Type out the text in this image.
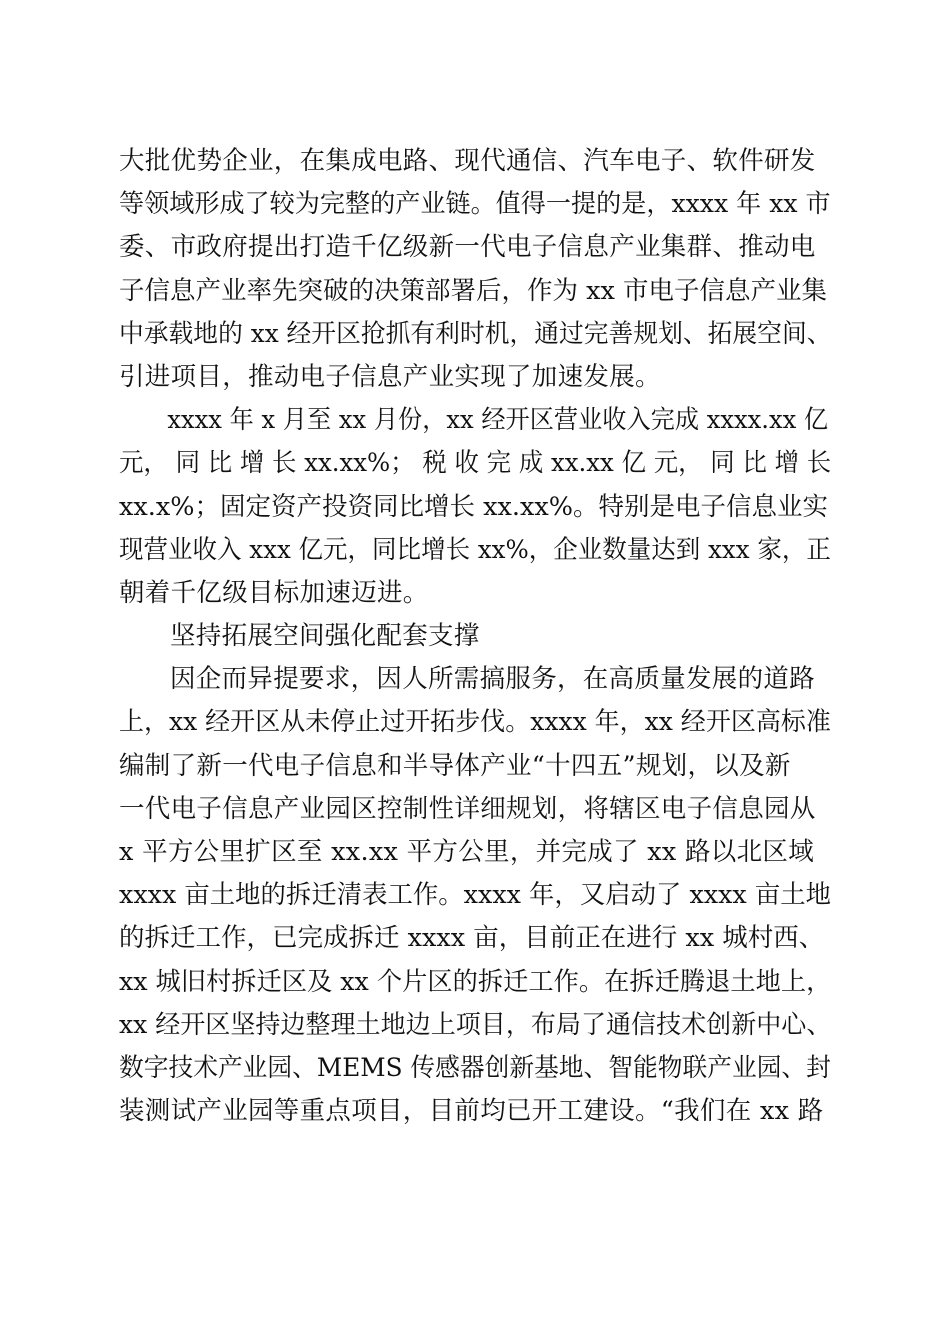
大批优势企业，在集成电路、现代通信、汽车电子、软件研发
等领域形成了较为完整的产业链。值得一提的是，xxxx 年 xx 市
委、市政府提出打造千亿级新一代电子信息产业集群、推动电
子信息产业率先突破的决策部署后，作为 xx 市电子信息产业集
中承载地的 xx 经开区抢抓有利时机，通过完善规划、拓展空间、
引进项目，推动电子信息产业实现了加速发展。
xxxx 年 x 月至 xx 月份，xx 经开区营业收入完成 xxxx.xx 亿
元， 同 比 增 长 xx.xx%； 税 收 完 成 xx.xx 亿 元， 同 比 增 长
xx.x%；固定资产投资同比增长 xx.xx%。特别是电子信息业实
现营业收入 xxx 亿元，同比增长 xx%，企业数量达到 xxx 家，正
朝着千亿级目标加速迈进。
坚持拓展空间强化配套支撑
因企而异提要求，因人所需搞服务，在高质量发展的道路
上，xx 经开区从未停止过开拓步伐。xxxx 年，xx 经开区高标准
编制了新一代电子信息和半导体产业“十四五”规划，以及新
一代电子信息产业园区控制性详细规划，将辖区电子信息园从
x 平方公里扩区至 xx.xx 平方公里，并完成了 xx 路以北区域
xxxx 亩土地的拆迁清表工作。xxxx 年，又启动了 xxxx 亩土地
的拆迁工作，已完成拆迁 xxxx 亩，目前正在进行 xx 城村西、
xx 城旧村拆迁区及 xx 个片区的拆迁工作。在拆迁腾退土地上，
xx 经开区坚持边整理土地边上项目，布局了通信技术创新中心、
数字技术产业园、MEMS 传感器创新基地、智能物联产业园、封
装测试产业园等重点项目，目前均已开工建设。“我们在 xx 路
